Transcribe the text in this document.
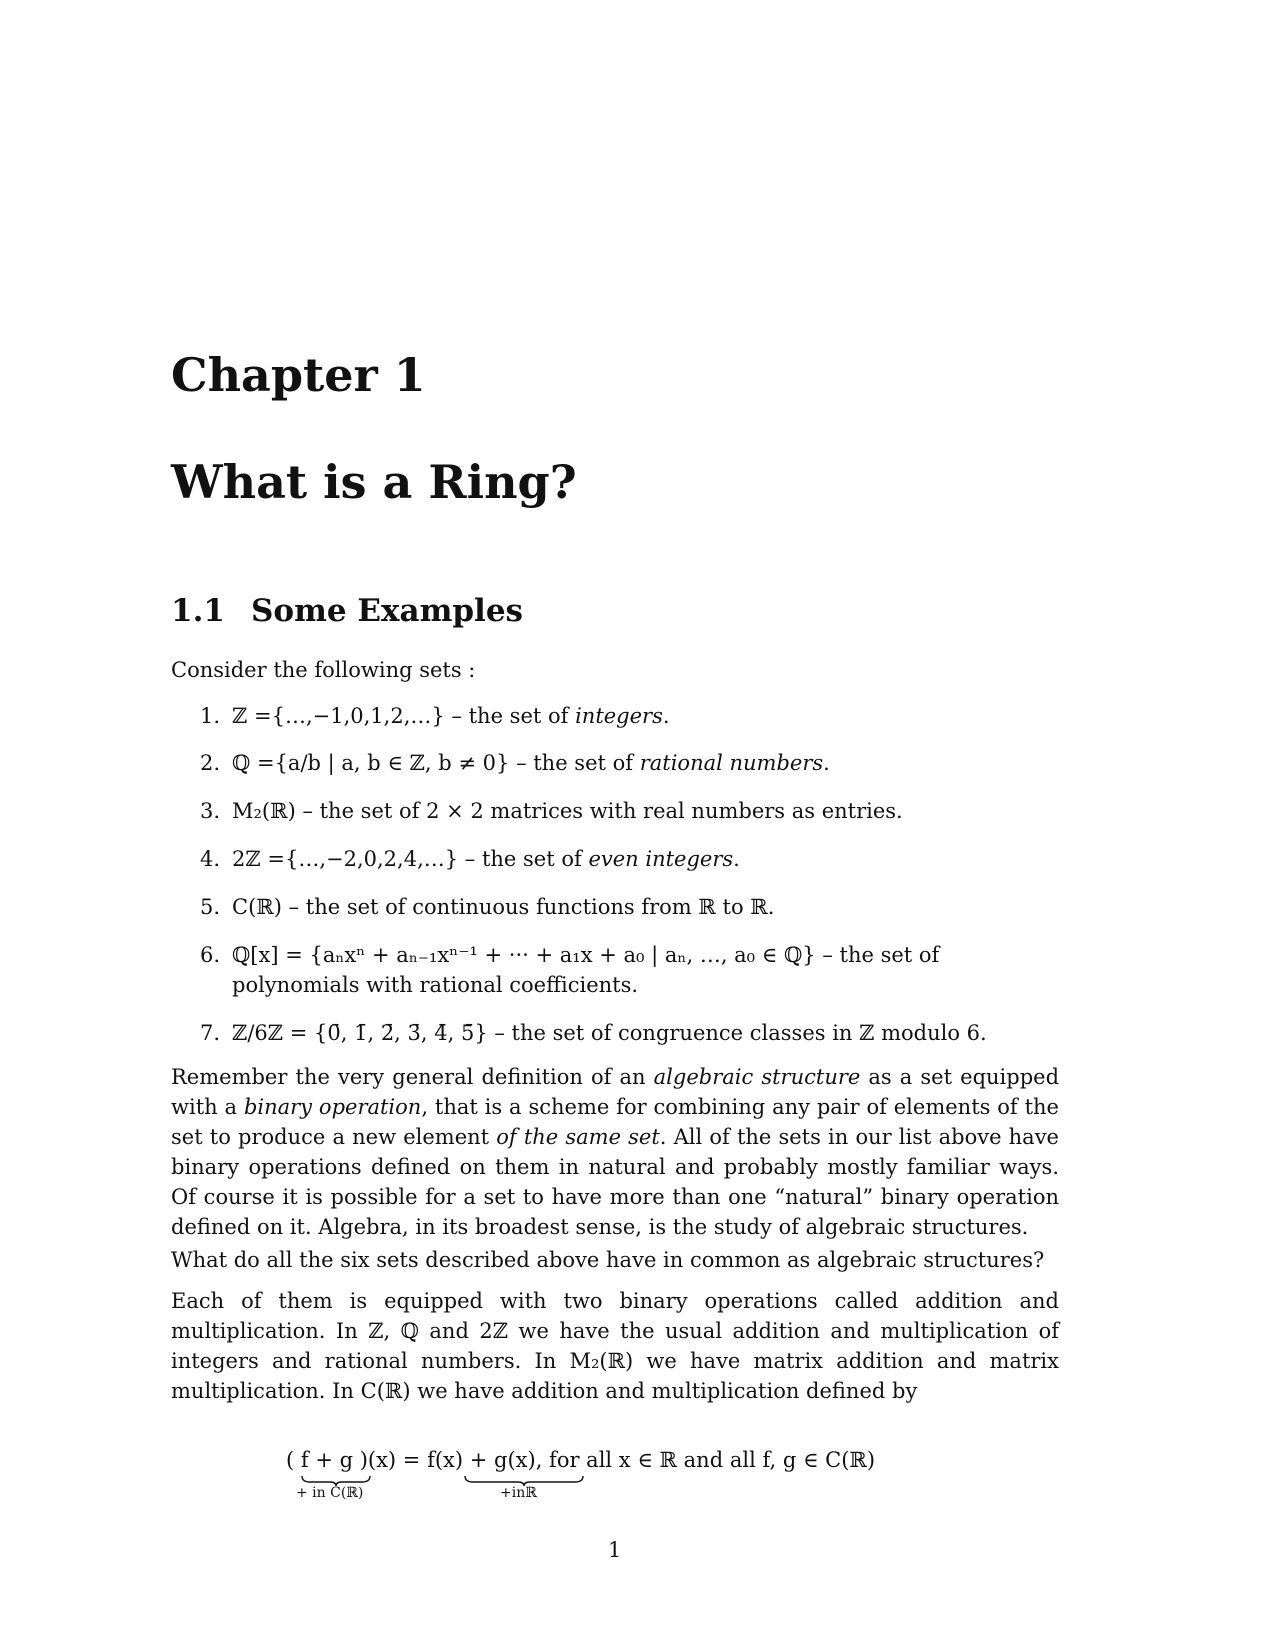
Chapter 1
What is a Ring?
1.1 Some Examples
Consider the following sets :
1. ℤ ={…,−1,0,1,2,…} – the set of integers.
2. ℚ ={a/b | a, b ∈ ℤ, b ≠ 0} – the set of rational numbers.
3. M₂(ℝ) – the set of 2 × 2 matrices with real numbers as entries.
4. 2ℤ ={…,−2,0,2,4,…} – the set of even integers.
5. C(ℝ) – the set of continuous functions from ℝ to ℝ.
6. ℚ[x] = {aₙxⁿ + aₙ₋₁xⁿ⁻¹ + ··· + a₁x + a₀ | aₙ, …, a₀ ∈ ℚ} – the set of
polynomials with rational coefficients.
7. ℤ/6ℤ = {0̄, 1̄, 2̄, 3̄, 4̄, 5̄} – the set of congruence classes in ℤ modulo 6.
Remember the very general definition of an algebraic structure as a set equipped with a binary operation, that is a scheme for combining any pair of elements of the set to produce a new element of the same set. All of the sets in our list above have binary operations defined on them in natural and probably mostly familiar ways. Of course it is possible for a set to have more than one “natural” binary operation defined on it. Algebra, in its broadest sense, is the study of algebraic structures.
What do all the six sets described above have in common as algebraic structures?
Each of them is equipped with two binary operations called addition and multiplication. In ℤ, ℚ and 2ℤ we have the usual addition and multiplication of integers and rational numbers. In M₂(ℝ) we have matrix addition and matrix multiplication. In C(ℝ) we have addition and multiplication defined by
( f + g )(x) = f(x) + g(x), for all x ∈ ℝ and all f, g ∈ C(ℝ)
+ in C(ℝ)	+inℝ
1
